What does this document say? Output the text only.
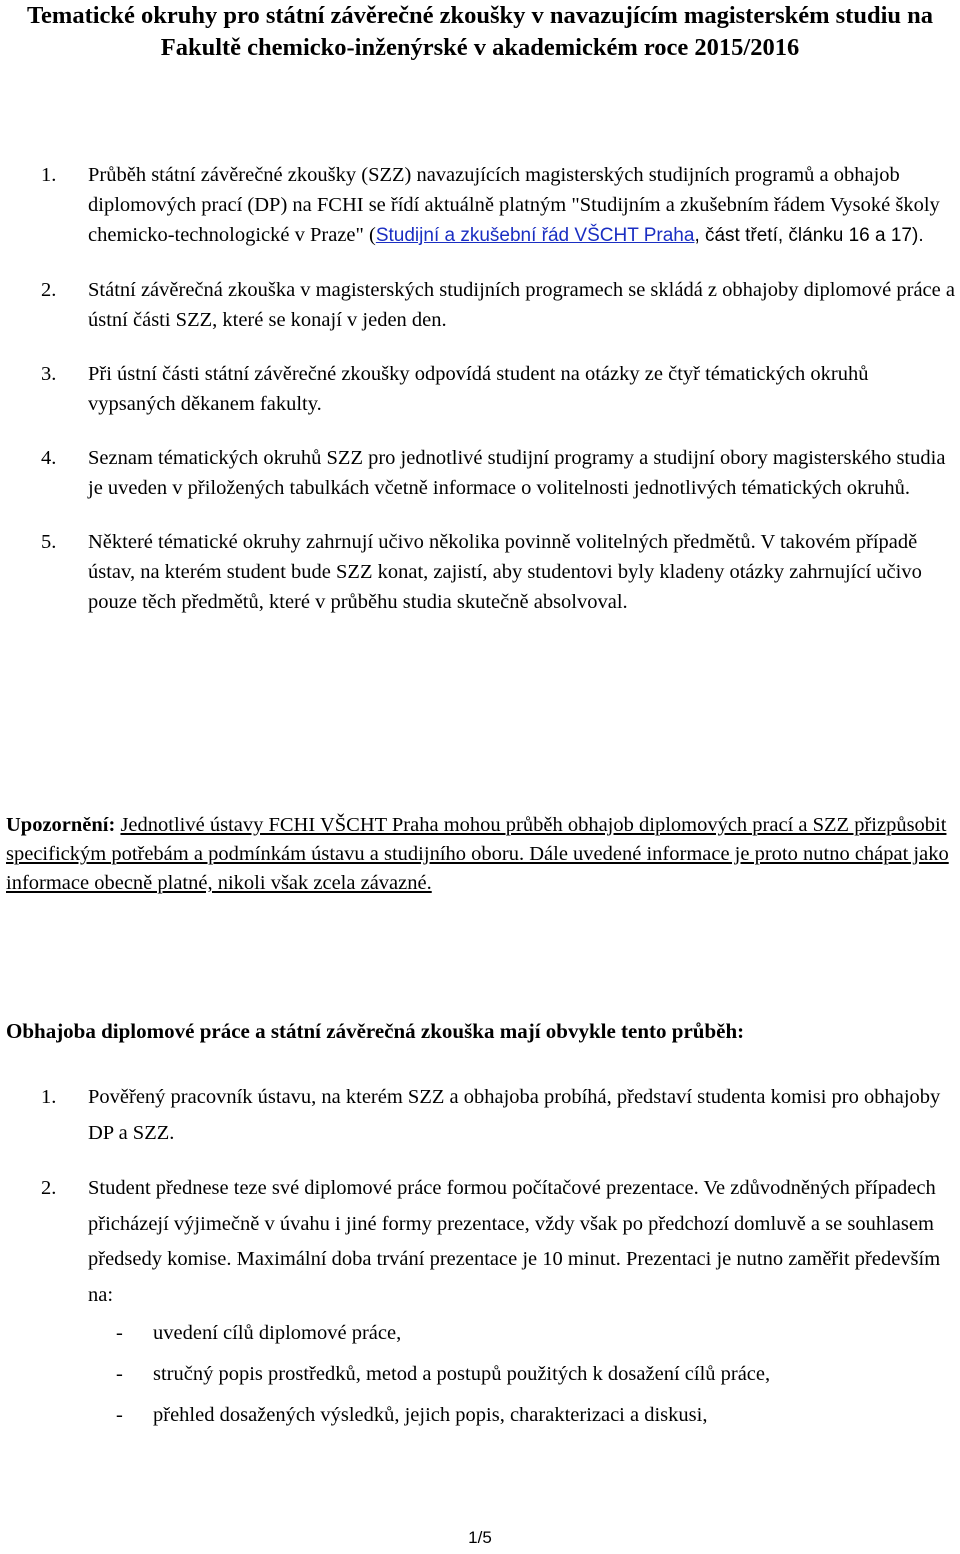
Tematické okruhy pro státní závěrečné zkoušky v navazujícím magisterském studiu na Fakultě chemicko-inženýrské v akademickém roce 2015/2016

1. Průběh státní závěrečné zkoušky (SZZ) navazujících magisterských studijních programů a obhajob diplomových prací (DP) na FCHI se řídí aktuálně platným "Studijním a zkušebním řádem Vysoké školy chemicko-technologické v Praze" (Studijní a zkušební řád VŠCHT Praha, část třetí, článku 16 a 17).

2. Státní závěrečná zkouška v magisterských studijních programech se skládá z obhajoby diplomové práce a ústní části SZZ, které se konají v jeden den.

3. Při ústní části státní závěrečné zkoušky odpovídá student na otázky ze čtyř tématických okruhů vypsaných děkanem fakulty.

4. Seznam tématických okruhů SZZ pro jednotlivé studijní programy a studijní obory magisterského studia je uveden v přiložených tabulkách včetně informace o volitelnosti jednotlivých tématických okruhů.

5. Některé tématické okruhy zahrnují učivo několika povinně volitelných předmětů. V takovém případě ústav, na kterém student bude SZZ konat, zajistí, aby studentovi byly kladeny otázky zahrnující učivo pouze těch předmětů, které v průběhu studia skutečně absolvoval.

Upozornění: Jednotlivé ústavy FCHI VŠCHT Praha mohou průběh obhajob diplomových prací a SZZ přizpůsobit specifickým potřebám a podmínkám ústavu a studijního oboru. Dále uvedené informace je proto nutno chápat jako informace obecně platné, nikoli však zcela závazné.

Obhajoba diplomové práce a státní závěrečná zkouška mají obvykle tento průběh:

1. Pověřený pracovník ústavu, na kterém SZZ a obhajoba probíhá, představí studenta komisi pro obhajoby DP a SZZ.

2. Student přednese teze své diplomové práce formou počítačové prezentace. Ve zdůvodněných případech přicházejí výjimečně v úvahu i jiné formy prezentace, vždy však po předchozí domluvě a se souhlasem předsedy komise. Maximální doba trvání prezentace je 10 minut. Prezentaci je nutno zaměřit především na:
- uvedení cílů diplomové práce,
- stručný popis prostředků, metod a postupů použitých k dosažení cílů práce,
- přehled dosažených výsledků, jejich popis, charakterizaci a diskusi,
1/5
